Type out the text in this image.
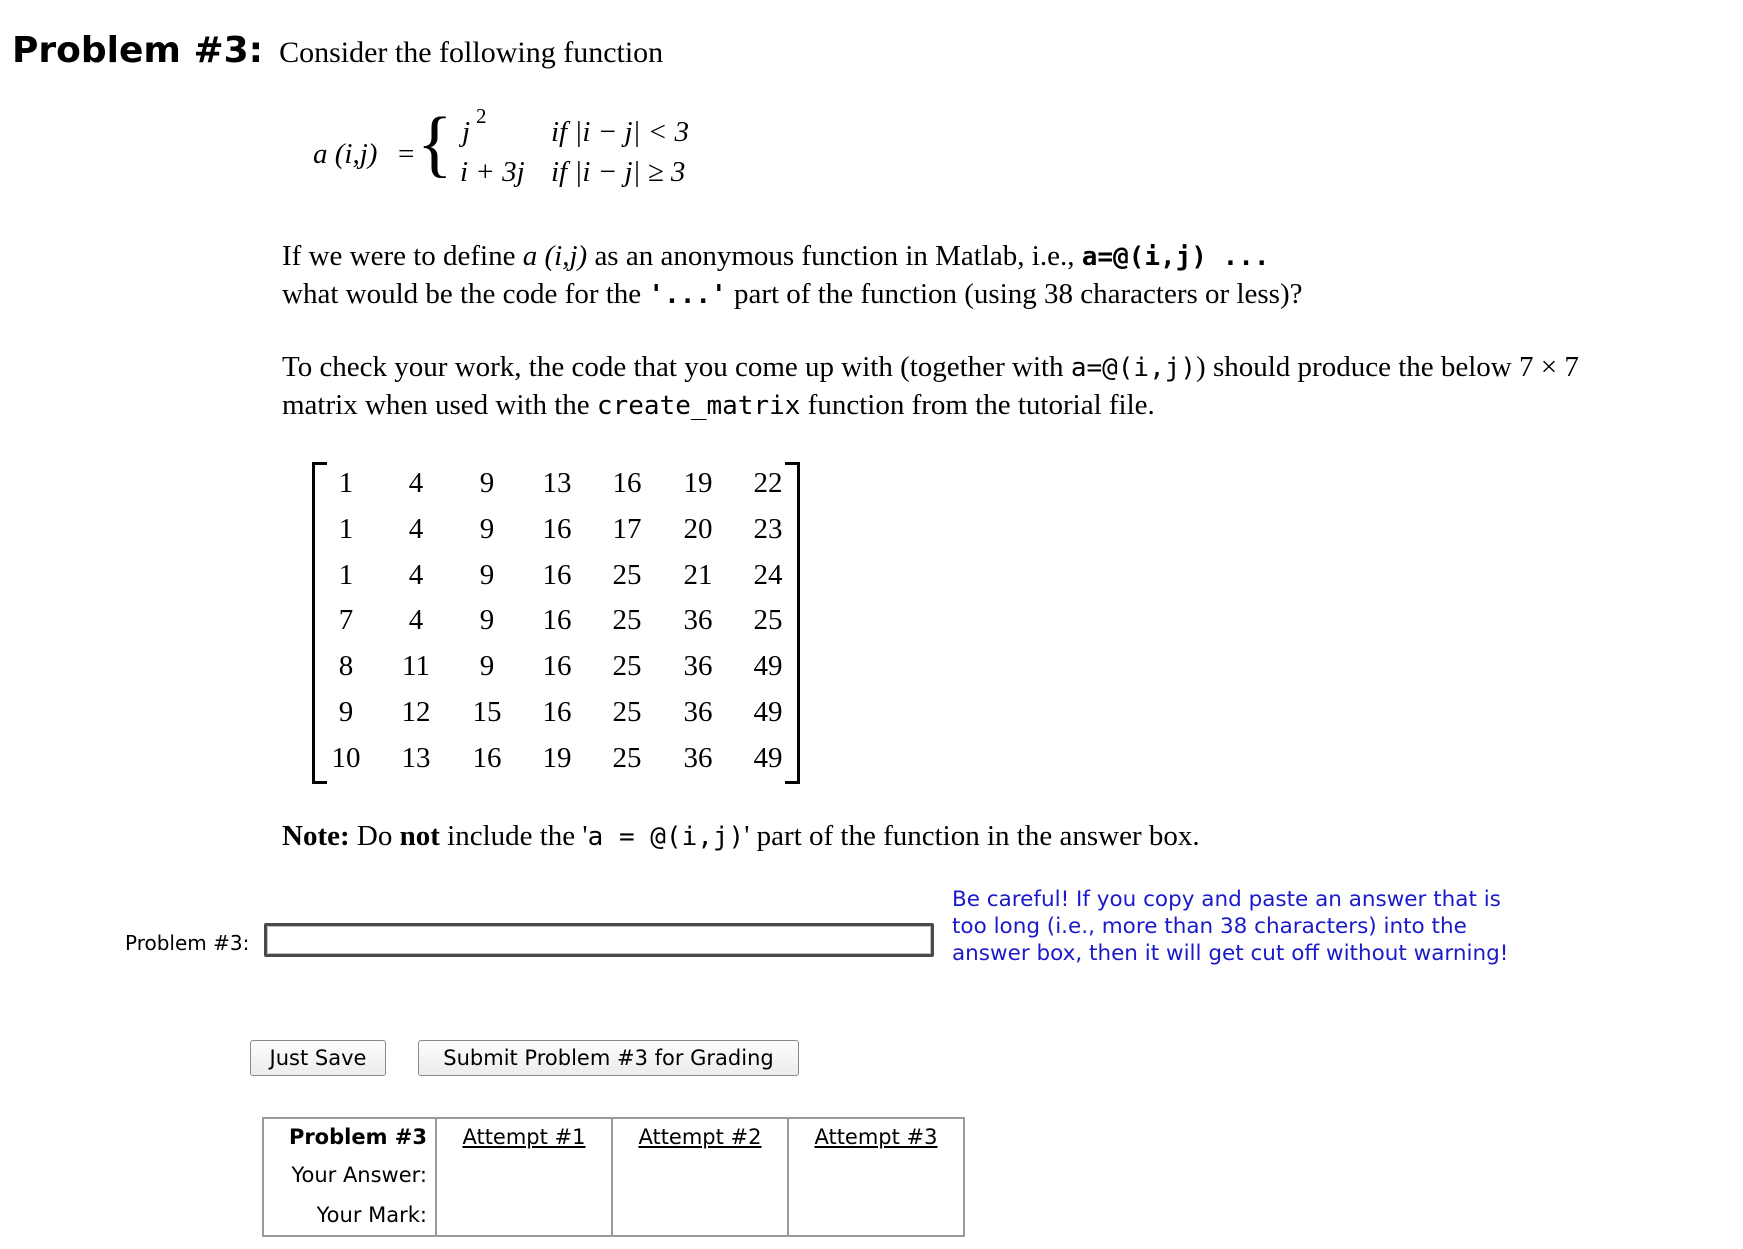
Problem #3: Consider the following function
a (i,j) = { j 2 if |i − j| < 3
i + 3j if |i − j| ≥ 3
If we were to define a (i,j) as an anonymous function in Matlab, i.e., a=@(i,j) ...
what would be the code for the '...' part of the function (using 38 characters or less)?
To check your work, the code that you come up with (together with a=@(i,j)) should produce the below 7 × 7
matrix when used with the create_matrix function from the tutorial file.
1	4	9	13	16	19	22
1	4	9	16	17	20	23
1	4	9	16	25	21	24
7	4	9	16	25	36	25
8	11	9	16	25	36	49
9	12	15	16	25	36	49
10	13	16	19	25	36	49
Note: Do not include the 'a = @(i,j)' part of the function in the answer box.
Problem #3:
Be careful! If you copy and paste an answer that is too long (i.e., more than 38 characters) into the answer box, then it will get cut off without warning!
Just Save	Submit Problem #3 for Grading
Problem #3	Attempt #1	Attempt #2	Attempt #3
Your Answer:			
Your Mark:			
